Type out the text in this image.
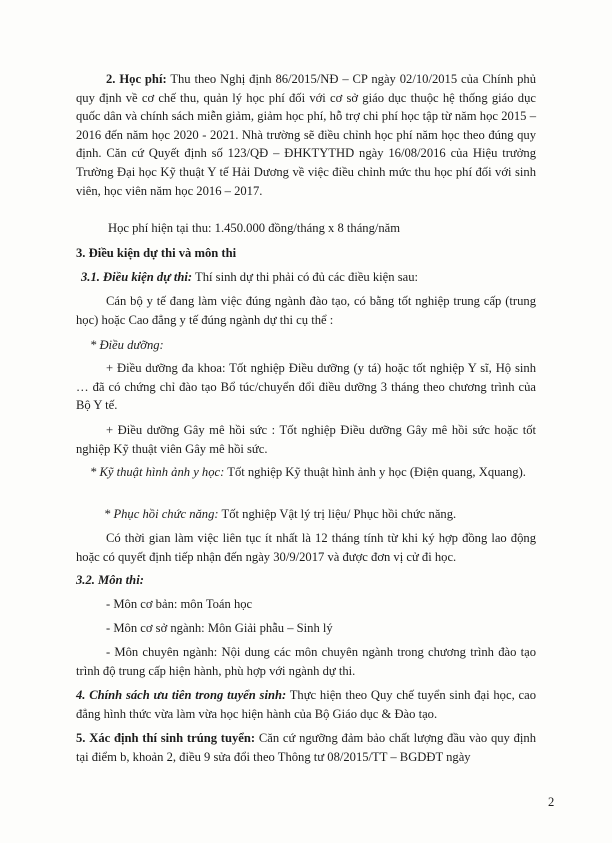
2. Học phí: Thu theo Nghị định 86/2015/NĐ – CP ngày 02/10/2015 của Chính phủ quy định về cơ chế thu, quản lý học phí đối với cơ sở giáo dục thuộc hệ thống giáo dục quốc dân và chính sách miễn giảm, giảm học phí, hỗ trợ chi phí học tập từ năm học 2015 – 2016 đến năm học 2020 - 2021. Nhà trường sẽ điều chỉnh học phí năm học theo đúng quy định. Căn cứ Quyết định số 123/QĐ – ĐHKTYTHD ngày 16/08/2016 của Hiệu trưởng Trường Đại học Kỹ thuật Y tế Hải Dương về việc điều chỉnh mức thu học phí đối với sinh viên, học viên năm học 2016 – 2017.

Học phí hiện tại thu: 1.450.000 đồng/tháng x 8 tháng/năm

3. Điều kiện dự thi và môn thi

3.1. Điều kiện dự thi: Thí sinh dự thi phải có đủ các điều kiện sau:

Cán bộ y tế đang làm việc đúng ngành đào tạo, có bằng tốt nghiệp trung cấp (trung học) hoặc Cao đẳng y tế đúng ngành dự thi cụ thể :

* Điều dưỡng:

+ Điều dưỡng đa khoa: Tốt nghiệp Điều dưỡng (y tá) hoặc tốt nghiệp Y sĩ, Hộ sinh … đã có chứng chỉ đào tạo Bổ túc/chuyển đổi điều dưỡng 3 tháng theo chương trình của Bộ Y tế.

+ Điều dưỡng Gây mê hồi sức : Tốt nghiệp Điều dưỡng Gây mê hồi sức hoặc tốt nghiệp Kỹ thuật viên Gây mê hồi sức.

* Kỹ thuật hình ảnh y học: Tốt nghiệp Kỹ thuật hình ảnh y học (Điện quang, Xquang).

* Phục hồi chức năng: Tốt nghiệp Vật lý trị liệu/ Phục hồi chức năng.

Có thời gian làm việc liên tục ít nhất là 12 tháng tính từ khi ký hợp đồng lao động hoặc có quyết định tiếp nhận đến ngày 30/9/2017 và được đơn vị cử đi học.

3.2. Môn thi:

- Môn cơ bản: môn Toán học

- Môn cơ sở ngành: Môn Giải phẫu – Sinh lý

- Môn chuyên ngành: Nội dung các môn chuyên ngành trong chương trình đào tạo trình độ trung cấp hiện hành, phù hợp với ngành dự thi.

4. Chính sách ưu tiên trong tuyển sinh: Thực hiện theo Quy chế tuyển sinh đại học, cao đẳng hình thức vừa làm vừa học hiện hành của Bộ Giáo dục & Đào tạo.

5. Xác định thí sinh trúng tuyển: Căn cứ ngưỡng đảm bảo chất lượng đầu vào quy định tại điểm b, khoản 2, điều 9 sửa đổi theo Thông tư 08/2015/TT – BGDĐT ngày

2
